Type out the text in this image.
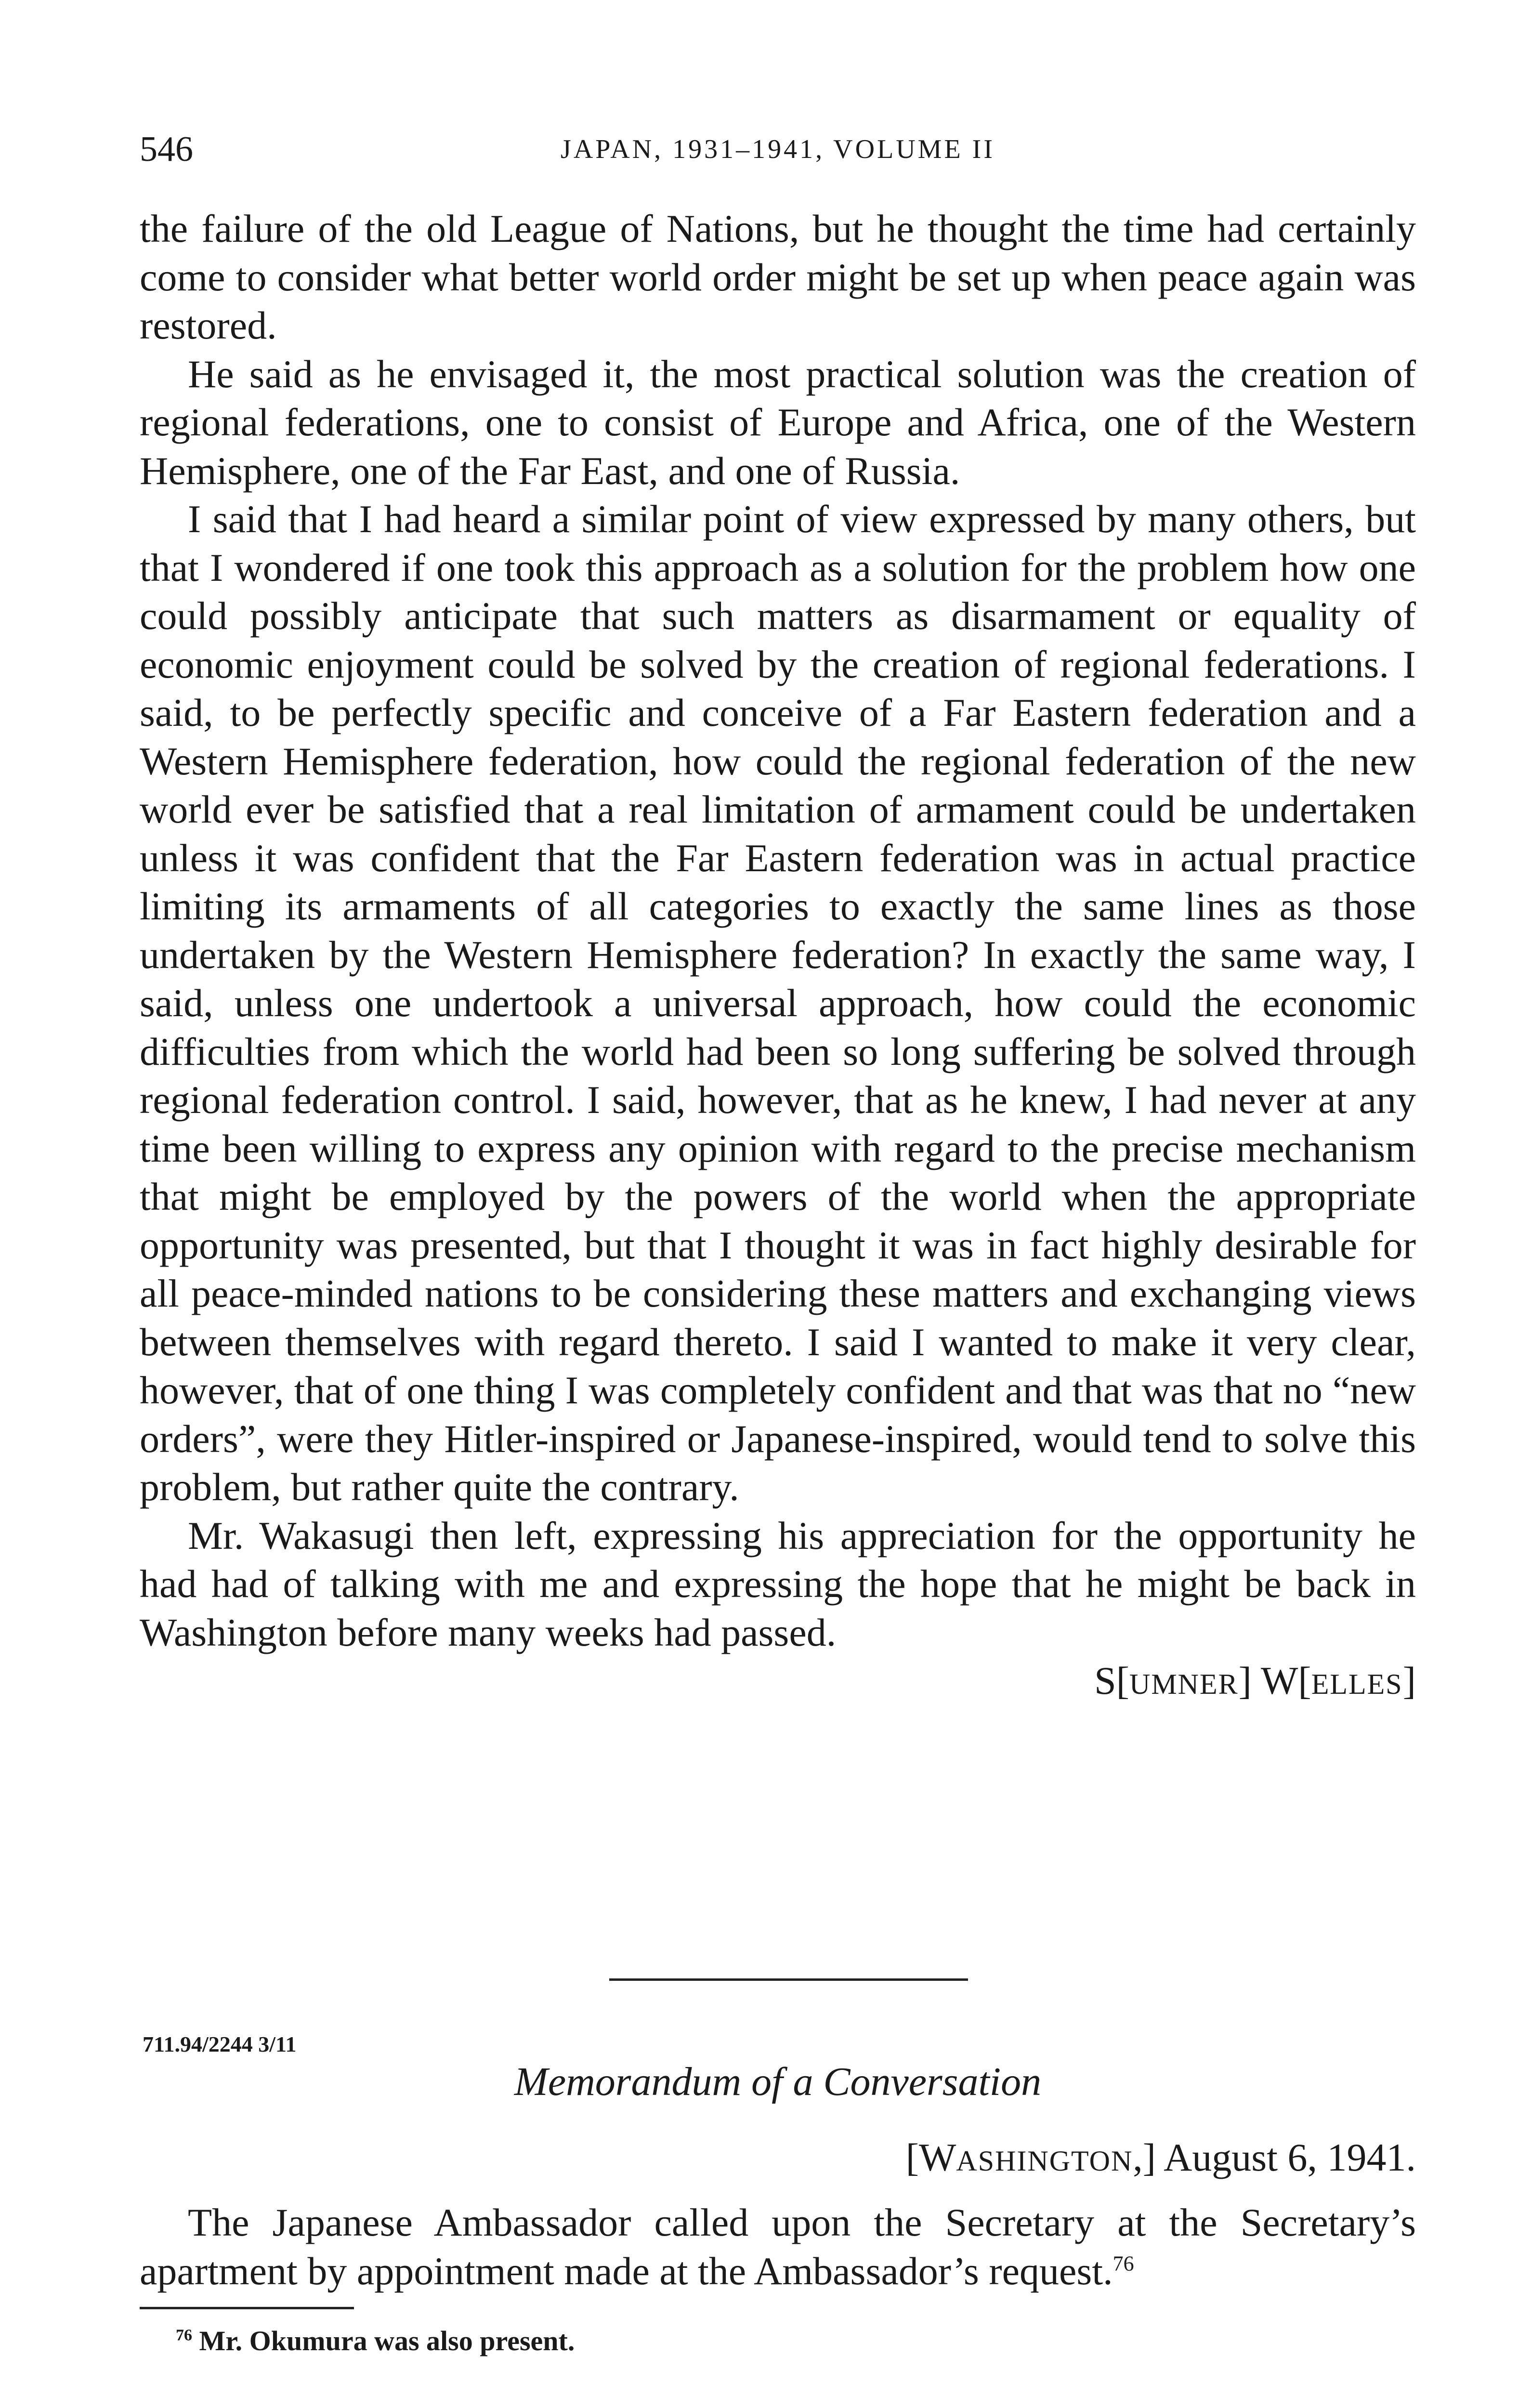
546	JAPAN, 1931–1941, VOLUME II

the failure of the old League of Nations, but he thought the time had certainly come to consider what better world order might be set up when peace again was restored.

He said as he envisaged it, the most practical solution was the creation of regional federations, one to consist of Europe and Africa, one of the Western Hemisphere, one of the Far East, and one of Russia.

I said that I had heard a similar point of view expressed by many others, but that I wondered if one took this approach as a solution for the problem how one could possibly anticipate that such matters as disarmament or equality of economic enjoyment could be solved by the creation of regional federations. I said, to be perfectly specific and conceive of a Far Eastern federation and a Western Hemisphere federation, how could the regional federation of the new world ever be satisfied that a real limitation of armament could be undertaken unless it was confident that the Far Eastern federation was in actual practice limiting its armaments of all categories to exactly the same lines as those undertaken by the Western Hemisphere federation? In exactly the same way, I said, unless one undertook a universal approach, how could the economic difficulties from which the world had been so long suffering be solved through regional federation control. I said, however, that as he knew, I had never at any time been willing to express any opinion with regard to the precise mechanism that might be employed by the powers of the world when the appropriate opportunity was presented, but that I thought it was in fact highly desirable for all peace-minded nations to be considering these matters and exchanging views between themselves with regard thereto. I said I wanted to make it very clear, however, that of one thing I was completely confident and that was that no “new orders”, were they Hitler-inspired or Japanese-inspired, would tend to solve this problem, but rather quite the contrary.

Mr. Wakasugi then left, expressing his appreciation for the opportunity he had had of talking with me and expressing the hope that he might be back in Washington before many weeks had passed.

S[UMNER] W[ELLES]

711.94/2244 3/11
Memorandum of a Conversation
[WASHINGTON,] August 6, 1941.

The Japanese Ambassador called upon the Secretary at the Secretary’s apartment by appointment made at the Ambassador’s request.$^{76}$

$^{76}$ Mr. Okumura was also present.
